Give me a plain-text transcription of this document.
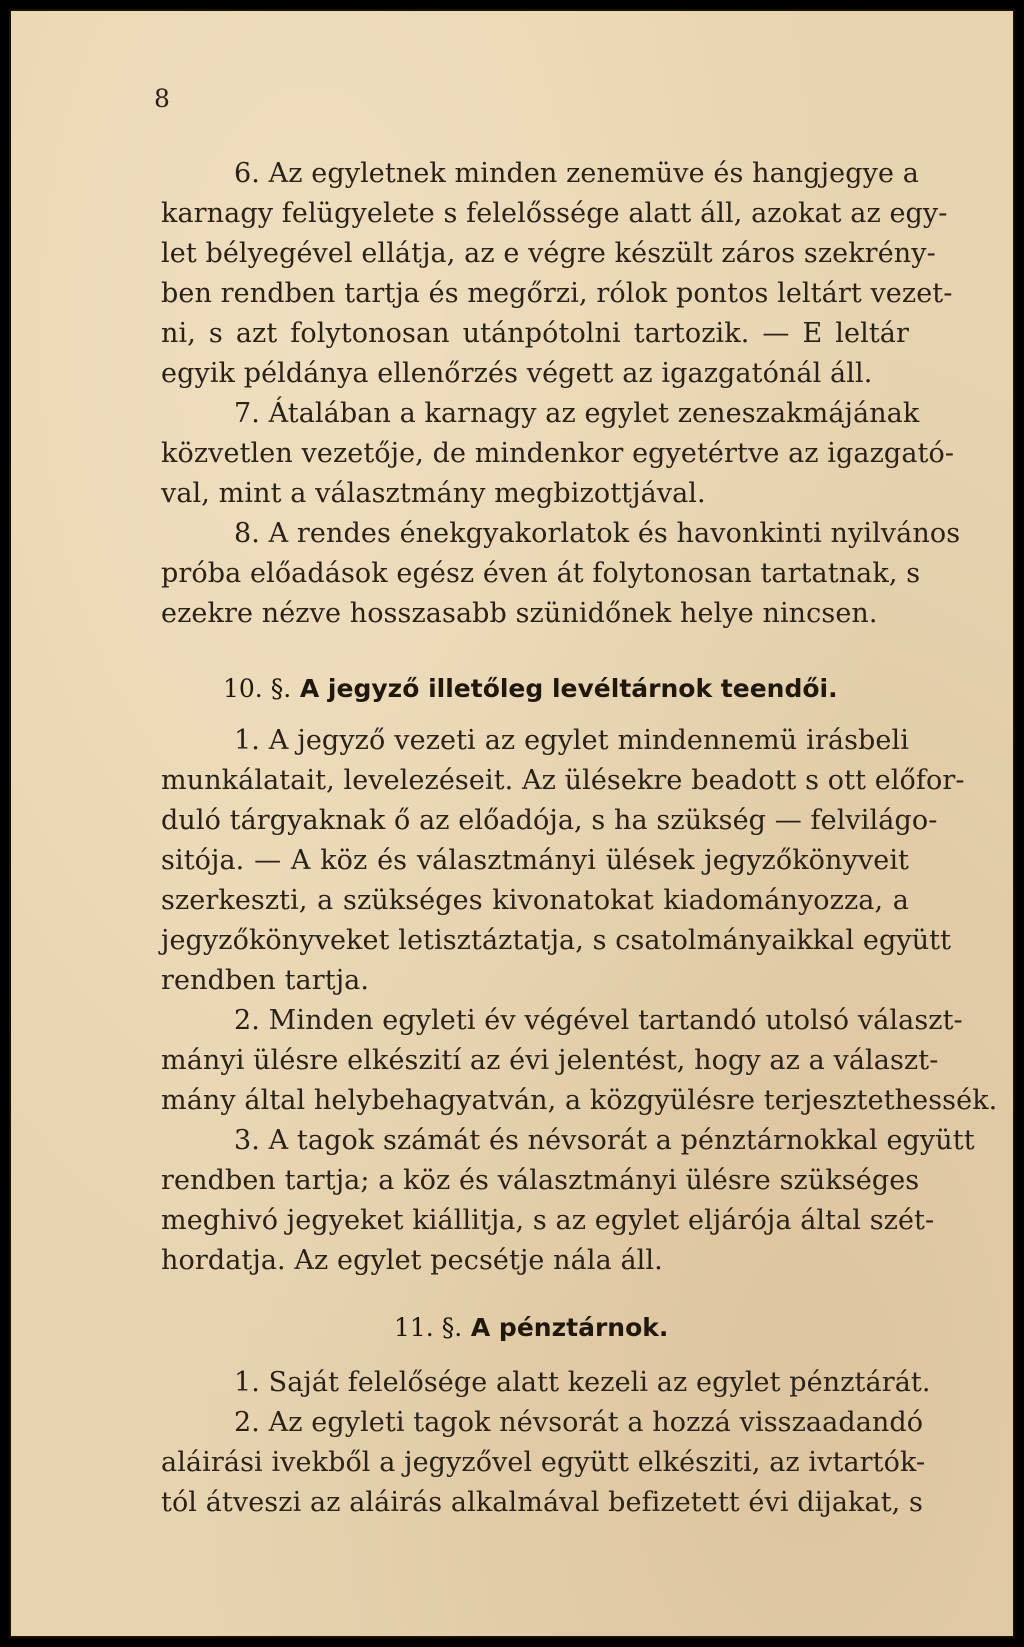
8
6. Az egyletnek minden zenemüve és hangjegye a
karnagy felügyelete s felelőssége alatt áll, azokat az egy-
let bélyegével ellátja, az e végre készült záros szekrény-
ben rendben tartja és megőrzi, rólok pontos leltárt vezet-
ni, s azt folytonosan utánpótolni tartozik. — E leltár
egyik példánya ellenőrzés végett az igazgatónál áll.
7. Átalában a karnagy az egylet zeneszakmájának
közvetlen vezetője, de mindenkor egyetértve az igazgató-
val, mint a választmány megbizottjával.
8. A rendes énekgyakorlatok és havonkinti nyilvános
próba előadások egész éven át folytonosan tartatnak, s
ezekre nézve hosszasabb szünidőnek helye nincsen.
10. §. A jegyző illetőleg levéltárnok teendői.
1. A jegyző vezeti az egylet mindennemü irásbeli
munkálatait, levelezéseit. Az ülésekre beadott s ott előfor-
duló tárgyaknak ő az előadója, s ha szükség — felvilágo-
sitója. — A köz és választmányi ülések jegyzőkönyveit
szerkeszti, a szükséges kivonatokat kiadományozza, a
jegyzőkönyveket letisztáztatja, s csatolmányaikkal együtt
rendben tartja.
2. Minden egyleti év végével tartandó utolsó választ-
mányi ülésre elkészití az évi jelentést, hogy az a választ-
mány által helybehagyatván, a közgyülésre terjesztethessék.
3. A tagok számát és névsorát a pénztárnokkal együtt
rendben tartja; a köz és választmányi ülésre szükséges
meghivó jegyeket kiállitja, s az egylet eljárója által szét-
hordatja. Az egylet pecsétje nála áll.
11. §. A pénztárnok.
1. Saját felelősége alatt kezeli az egylet pénztárát.
2. Az egyleti tagok névsorát a hozzá visszaadandó
aláirási ivekből a jegyzővel együtt elkésziti, az ivtartók-
tól átveszi az aláirás alkalmával befizetett évi dijakat, s
